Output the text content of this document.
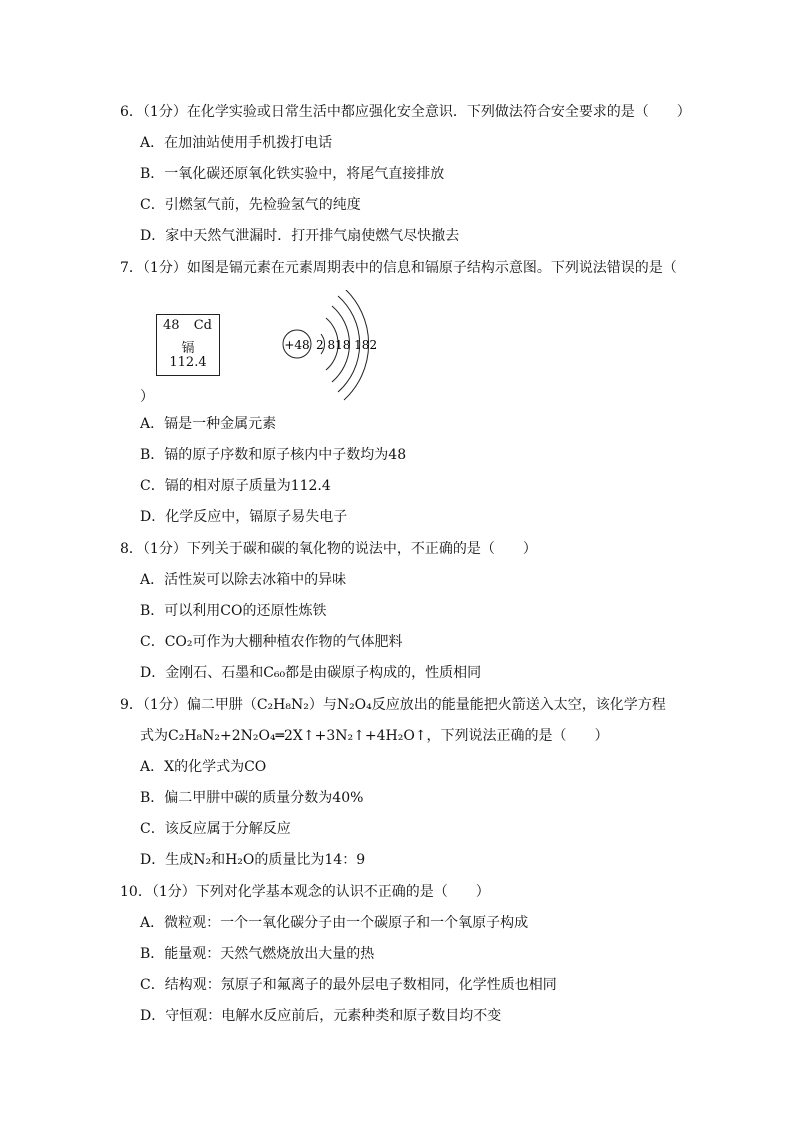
6．（1分）在化学实验或日常生活中都应强化安全意识．下列做法符合安全要求的是（　　）
A．在加油站使用手机拨打电话
B．一氧化碳还原氧化铁实验中，将尾气直接排放
C．引燃氢气前，先检验氢气的纯度
D．家中天然气泄漏时．打开排气扇使燃气尽快撤去
7．（1分）如图是镉元素在元素周期表中的信息和镉原子结构示意图。下列说法错误的是（
48 Cd
镉
112.4
+48 2 818 182
）
A．镉是一种金属元素
B．镉的原子序数和原子核内中子数均为48
C．镉的相对原子质量为112.4
D．化学反应中，镉原子易失电子
8．（1分）下列关于碳和碳的氧化物的说法中，不正确的是（　　）
A．活性炭可以除去冰箱中的异味
B．可以利用CO的还原性炼铁
C．CO₂可作为大棚种植农作物的气体肥料
D．金刚石、石墨和C₆₀都是由碳原子构成的，性质相同
9．（1分）偏二甲肼（C₂H₈N₂）与N₂O₄反应放出的能量能把火箭送入太空，该化学方程
式为C₂H₈N₂+2N₂O₄═2X↑+3N₂↑+4H₂O↑，下列说法正确的是（　　）
A．X的化学式为CO
B．偏二甲肼中碳的质量分数为40%
C．该反应属于分解反应
D．生成N₂和H₂O的质量比为14：9
10．（1分）下列对化学基本观念的认识不正确的是（　　）
A．微粒观：一个一氧化碳分子由一个碳原子和一个氧原子构成
B．能量观：天然气燃烧放出大量的热
C．结构观：氖原子和氟离子的最外层电子数相同，化学性质也相同
D．守恒观：电解水反应前后，元素种类和原子数目均不变
